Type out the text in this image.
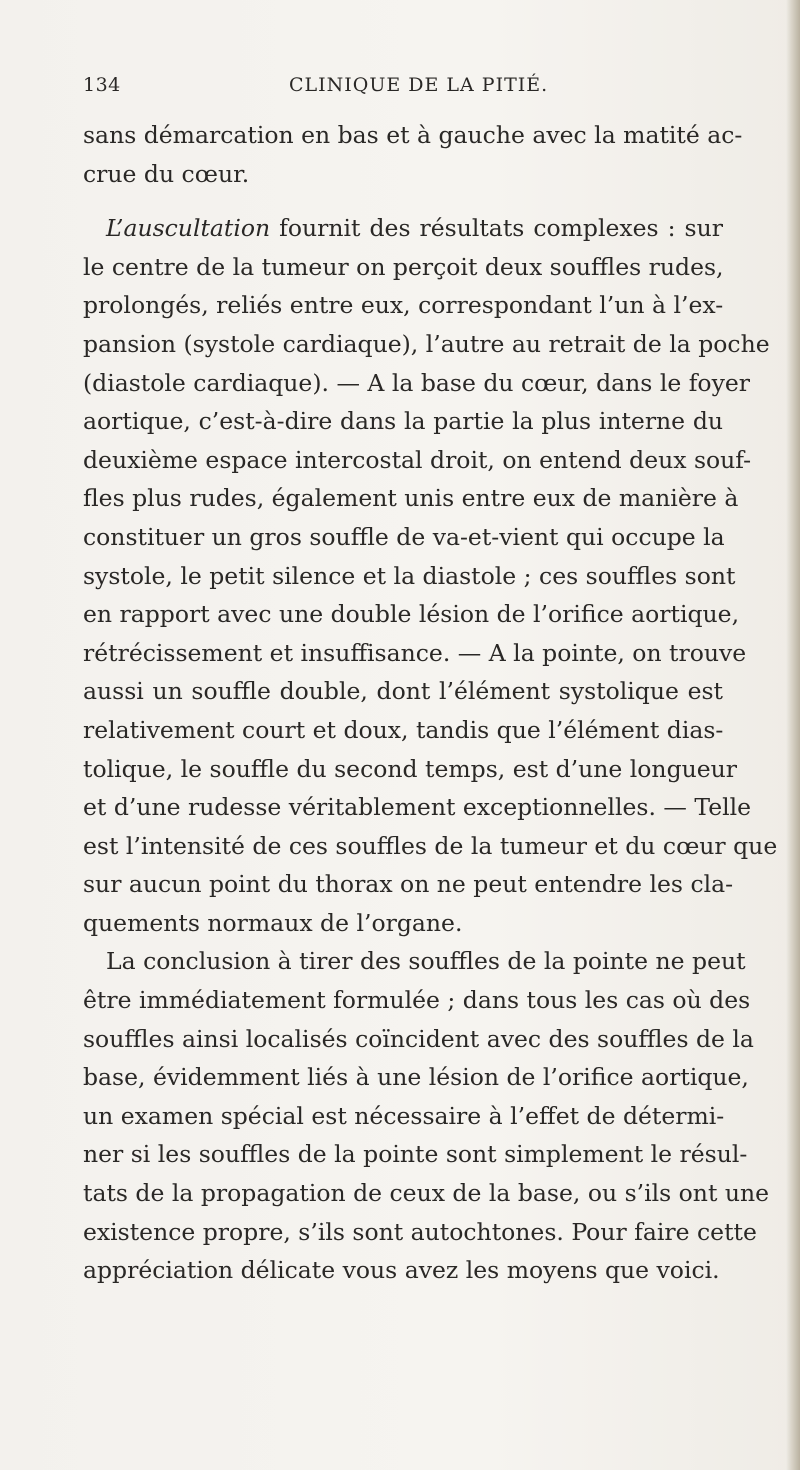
134	CLINIQUE DE LA PITIÉ.
sans démarcation en bas et à gauche avec la matité ac-
crue du cœur.
L’auscultation fournit des résultats complexes : sur
le centre de la tumeur on perçoit deux souffles rudes,
prolongés, reliés entre eux, correspondant l’un à l’ex-
pansion (systole cardiaque), l’autre au retrait de la poche
(diastole cardiaque). — A la base du cœur, dans le foyer
aortique, c’est-à-dire dans la partie la plus interne du
deuxième espace intercostal droit, on entend deux souf-
fles plus rudes, également unis entre eux de manière à
constituer un gros souffle de va-et-vient qui occupe la
systole, le petit silence et la diastole ; ces souffles sont
en rapport avec une double lésion de l’orifice aortique,
rétrécissement et insuffisance. — A la pointe, on trouve
aussi un souffle double, dont l’élément systolique est
relativement court et doux, tandis que l’élément dias-
tolique, le souffle du second temps, est d’une longueur
et d’une rudesse véritablement exceptionnelles. — Telle
est l’intensité de ces souffles de la tumeur et du cœur que
sur aucun point du thorax on ne peut entendre les cla-
quements normaux de l’organe.
La conclusion à tirer des souffles de la pointe ne peut
être immédiatement formulée ; dans tous les cas où des
souffles ainsi localisés coïncident avec des souffles de la
base, évidemment liés à une lésion de l’orifice aortique,
un examen spécial est nécessaire à l’effet de détermi-
ner si les souffles de la pointe sont simplement le résul-
tats de la propagation de ceux de la base, ou s’ils ont une
existence propre, s’ils sont autochtones. Pour faire cette
appréciation délicate vous avez les moyens que voici.
